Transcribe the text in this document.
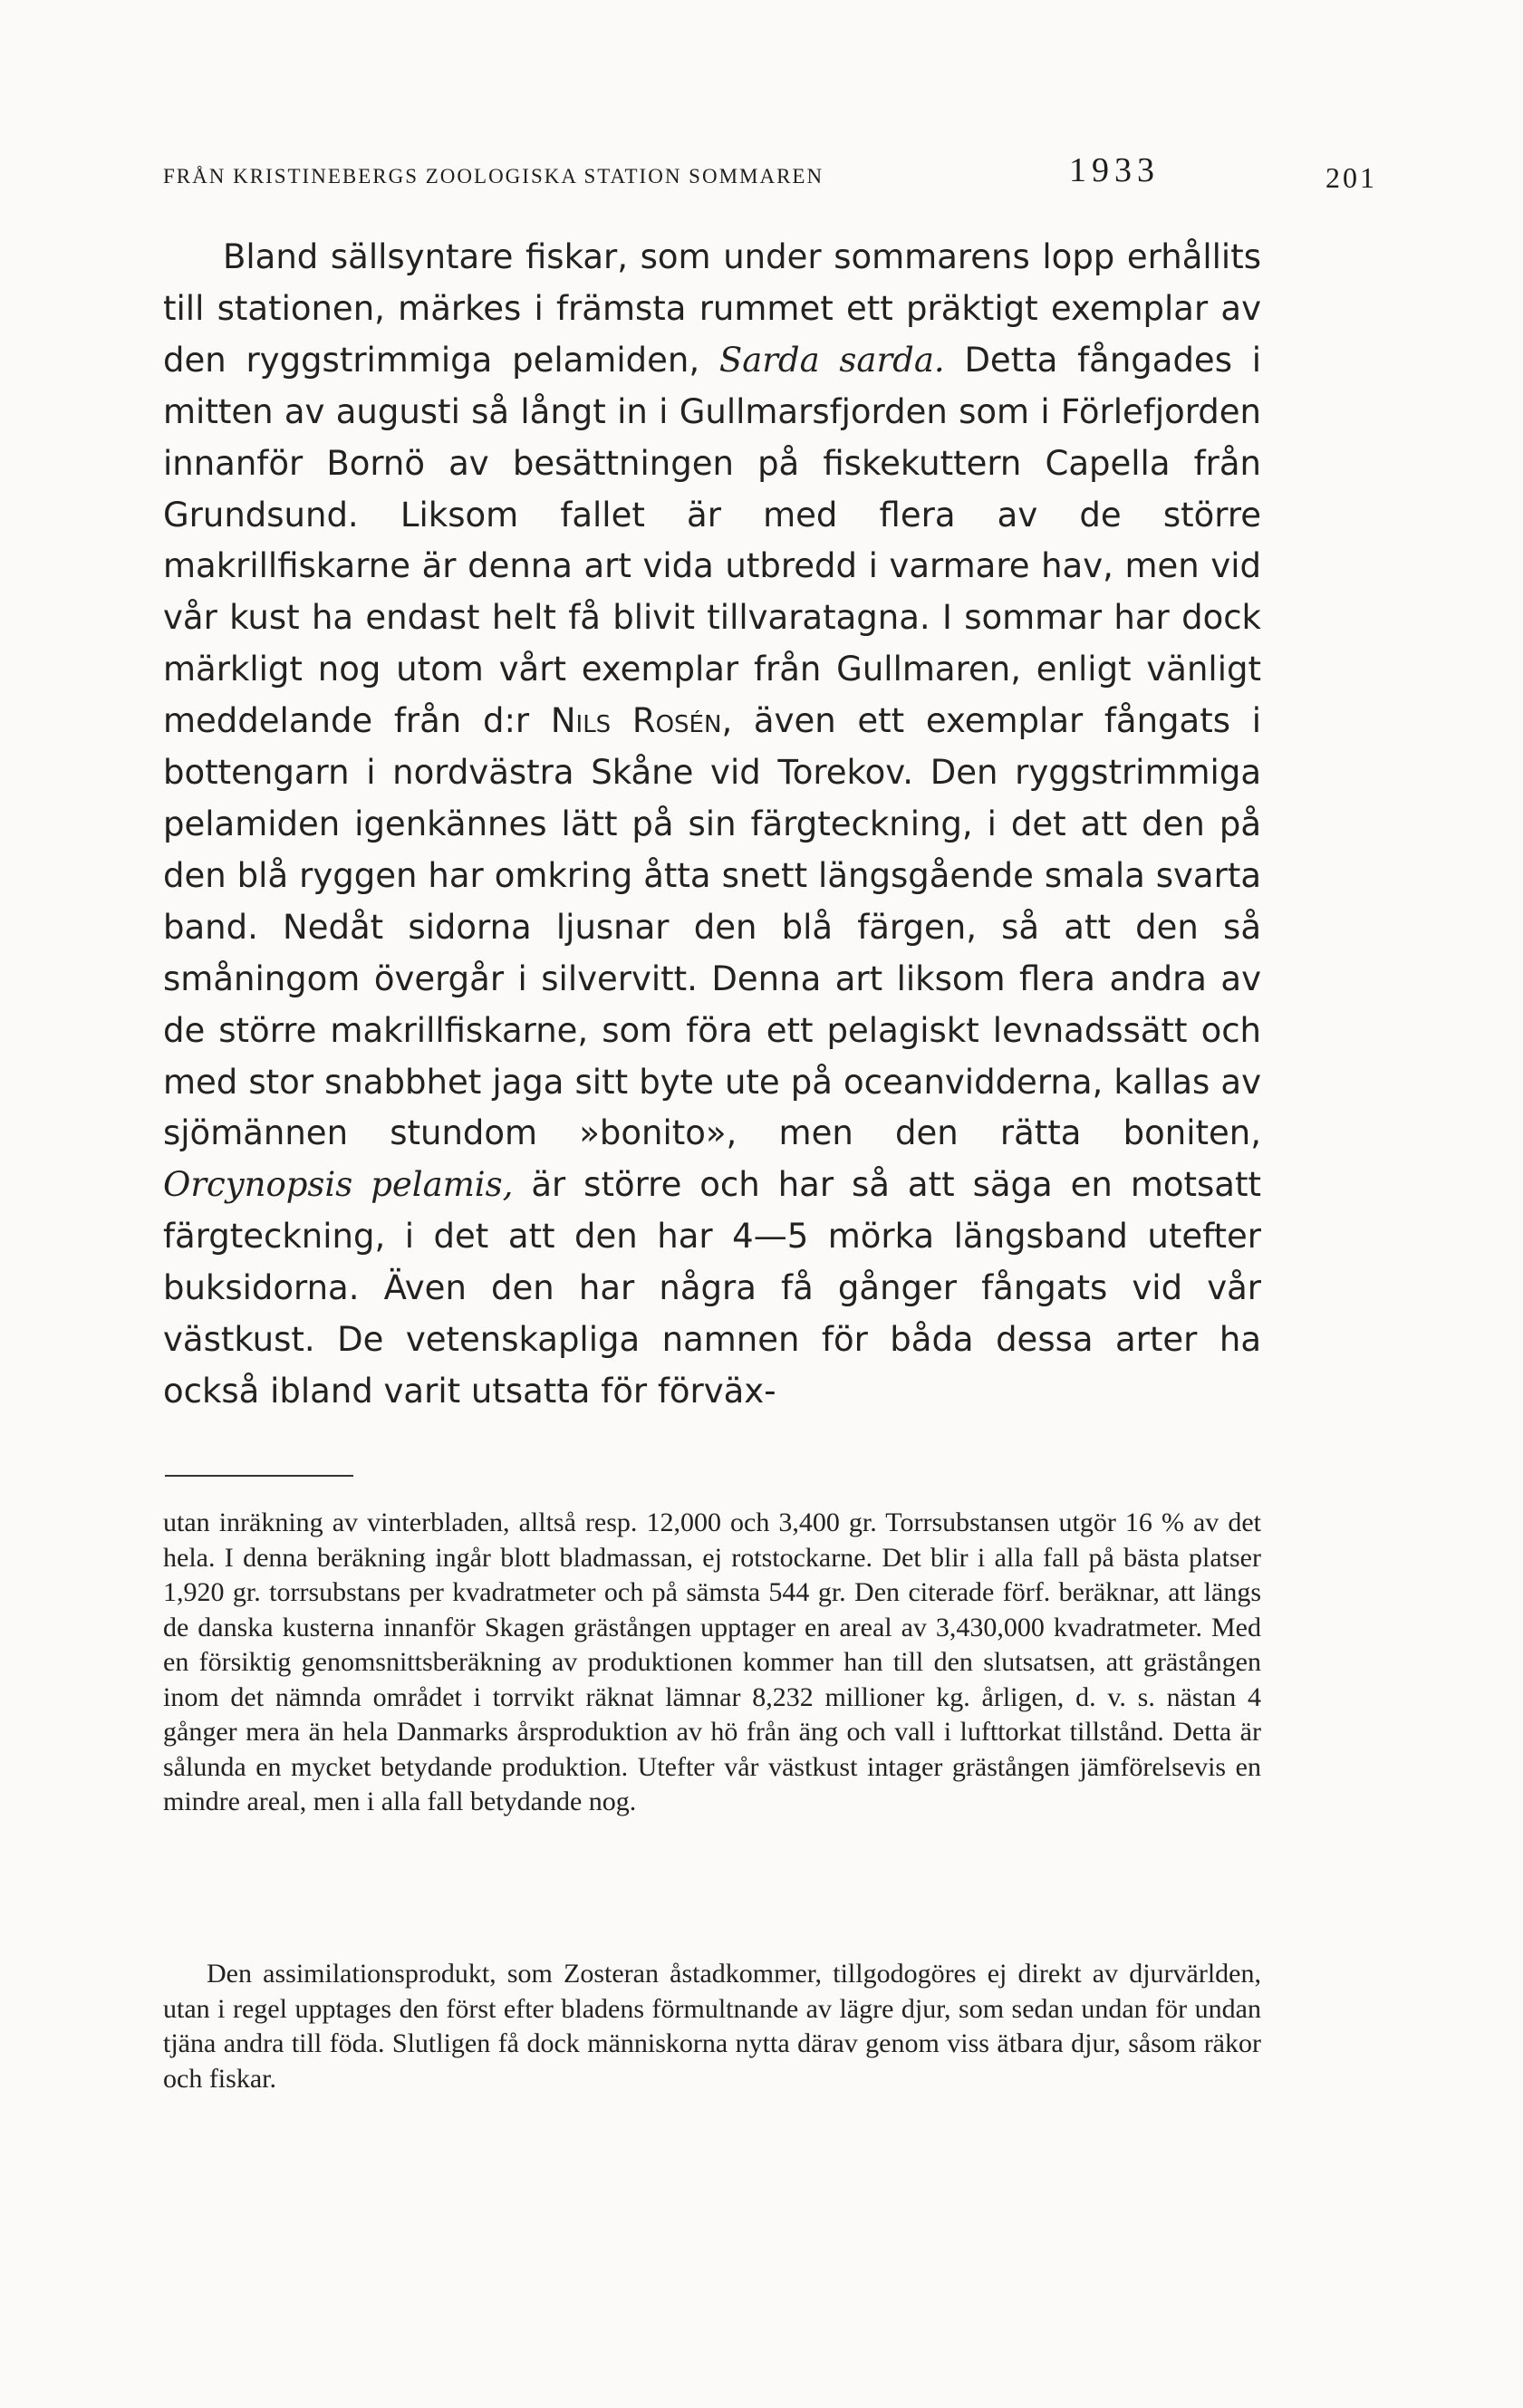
FRÅN KRISTINEBERGS ZOOLOGISKA STATION SOMMAREN	1933	201

Bland sällsyntare fiskar, som under sommarens lopp erhållits till stationen, märkes i främsta rummet ett präktigt exemplar av den ryggstrimmiga pelamiden, Sarda sarda. Detta fångades i mitten av augusti så långt in i Gullmarsfjorden som i Förlefjorden innanför Bornö av besättningen på fiskekuttern Capella från Grundsund. Liksom fallet är med flera av de större makrillfiskarne är denna art vida utbredd i varmare hav, men vid vår kust ha endast helt få blivit tillvaratagna. I sommar har dock märkligt nog utom vårt exemplar från Gullmaren, enligt vänligt meddelande från d:r Nils Rosén, även ett exemplar fångats i bottengarn i nordvästra Skåne vid Torekov. Den ryggstrimmiga pelamiden igenkännes lätt på sin färgteckning, i det att den på den blå ryggen har omkring åtta snett längsgående smala svarta band. Nedåt sidorna ljusnar den blå färgen, så att den så småningom övergår i silvervitt. Denna art liksom flera andra av de större makrillfiskarne, som föra ett pelagiskt levnadssätt och med stor snabbhet jaga sitt byte ute på oceanvidderna, kallas av sjömännen stundom »bonito», men den rätta boniten, Orcynopsis pelamis, är större och har så att säga en motsatt färgteckning, i det att den har 4—5 mörka längsband utefter buksidorna. Även den har några få gånger fångats vid vår västkust. De vetenskapliga namnen för båda dessa arter ha också ibland varit utsatta för förväx-

utan inräkning av vinterbladen, alltså resp. 12,000 och 3,400 gr. Torrsubstansen utgör 16 % av det hela. I denna beräkning ingår blott bladmassan, ej rotstockarne. Det blir i alla fall på bästa platser 1,920 gr. torrsubstans per kvadratmeter och på sämsta 544 gr. Den citerade förf. beräknar, att längs de danska kusterna innanför Skagen grästången upptager en areal av 3,430,000 kvadratmeter. Med en försiktig genomsnittsberäkning av produktionen kommer han till den slutsatsen, att grästången inom det nämnda området i torrvikt räknat lämnar 8,232 millioner kg. årligen, d. v. s. nästan 4 gånger mera än hela Danmarks årsproduktion av hö från äng och vall i lufttorkat tillstånd. Detta är sålunda en mycket betydande produktion. Utefter vår västkust intager grästången jämförelsevis en mindre areal, men i alla fall betydande nog.

Den assimilationsprodukt, som Zosteran åstadkommer, tillgodogöres ej direkt av djurvärlden, utan i regel upptages den först efter bladens förmultnande av lägre djur, som sedan undan för undan tjäna andra till föda. Slutligen få dock människorna nytta därav genom viss ätbara djur, såsom räkor och fiskar.
